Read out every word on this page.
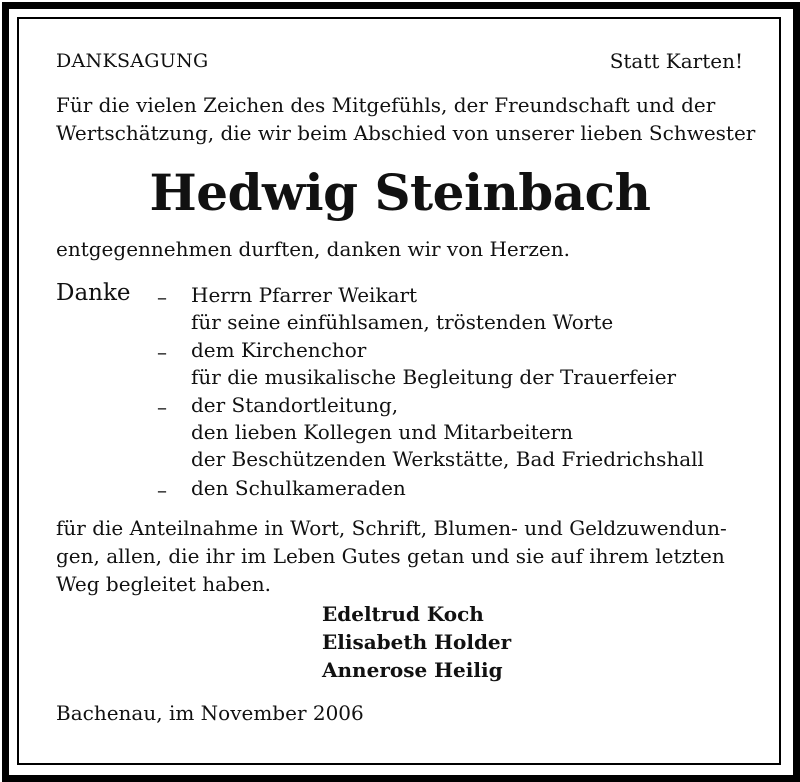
DANKSAGUNG	Statt Karten!
Für die vielen Zeichen des Mitgefühls, der Freundschaft und der
Wertschätzung, die wir beim Abschied von unserer lieben Schwester
Hedwig Steinbach
entgegennehmen durften, danken wir von Herzen.
Danke – Herrn Pfarrer Weikart
für seine einfühlsamen, tröstenden Worte
– dem Kirchenchor
für die musikalische Begleitung der Trauerfeier
– der Standortleitung,
den lieben Kollegen und Mitarbeitern
der Beschützenden Werkstätte, Bad Friedrichshall
– den Schulkameraden
für die Anteilnahme in Wort, Schrift, Blumen- und Geldzuwendun-
gen, allen, die ihr im Leben Gutes getan und sie auf ihrem letzten
Weg begleitet haben.
Edeltrud Koch
Elisabeth Holder
Annerose Heilig
Bachenau, im November 2006
